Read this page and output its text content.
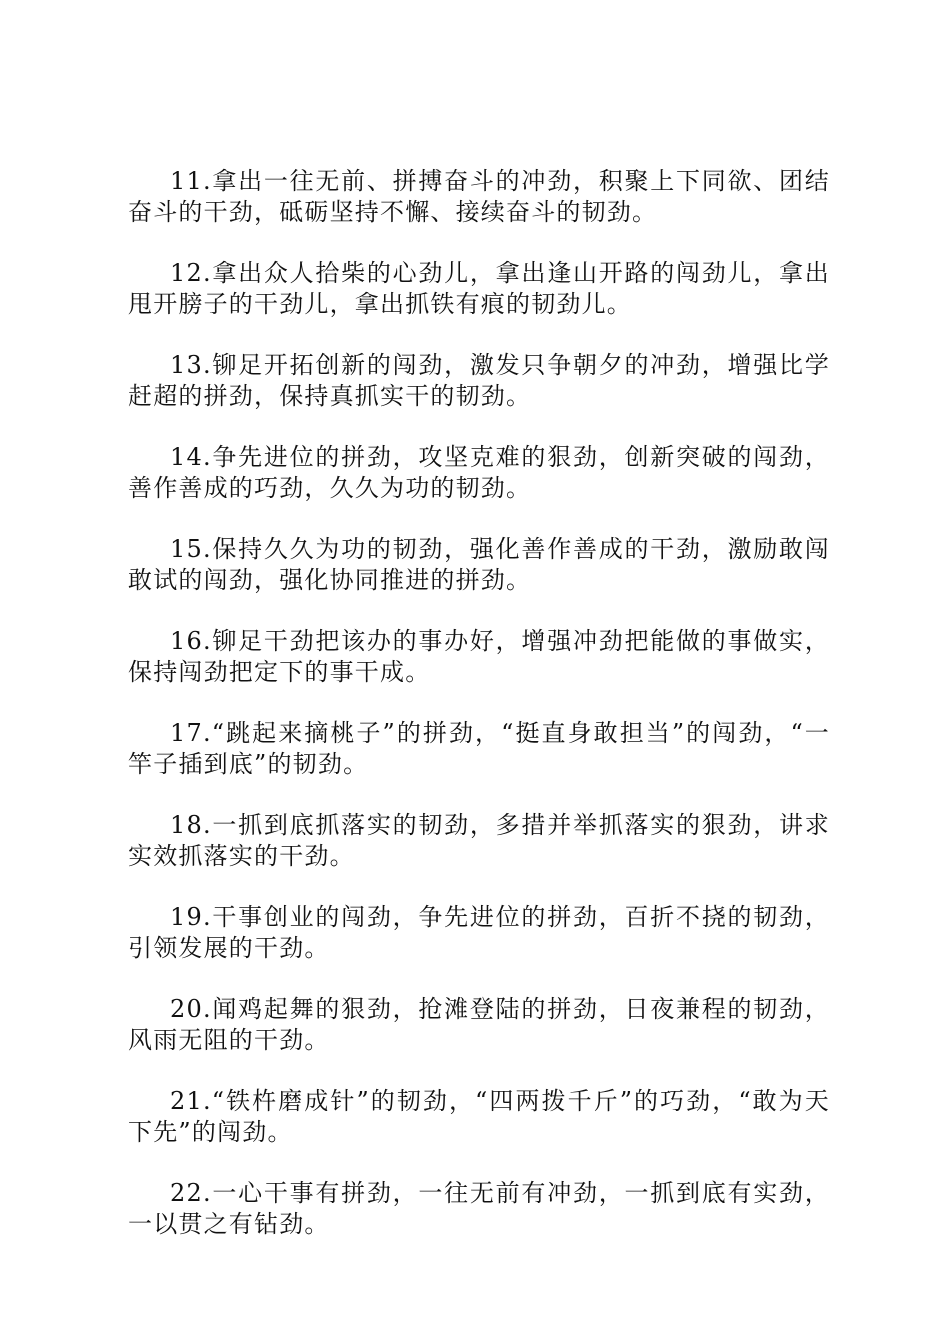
11.拿出一往无前、拼搏奋斗的冲劲，积聚上下同欲、团结奋斗的干劲，砥砺坚持不懈、接续奋斗的韧劲。

12.拿出众人拾柴的心劲儿，拿出逢山开路的闯劲儿，拿出甩开膀子的干劲儿，拿出抓铁有痕的韧劲儿。

13.铆足开拓创新的闯劲，激发只争朝夕的冲劲，增强比学赶超的拼劲，保持真抓实干的韧劲。

14.争先进位的拼劲，攻坚克难的狠劲，创新突破的闯劲，善作善成的巧劲，久久为功的韧劲。

15.保持久久为功的韧劲，强化善作善成的干劲，激励敢闯敢试的闯劲，强化协同推进的拼劲。

16.铆足干劲把该办的事办好，增强冲劲把能做的事做实，保持闯劲把定下的事干成。

17.“跳起来摘桃子”的拼劲，“挺直身敢担当”的闯劲，“一竿子插到底”的韧劲。

18.一抓到底抓落实的韧劲，多措并举抓落实的狠劲，讲求实效抓落实的干劲。

19.干事创业的闯劲，争先进位的拼劲，百折不挠的韧劲，引领发展的干劲。

20.闻鸡起舞的狠劲，抢滩登陆的拼劲，日夜兼程的韧劲，风雨无阻的干劲。

21.“铁杵磨成针”的韧劲，“四两拨千斤”的巧劲，“敢为天下先”的闯劲。

22.一心干事有拼劲，一往无前有冲劲，一抓到底有实劲，一以贯之有钻劲。
